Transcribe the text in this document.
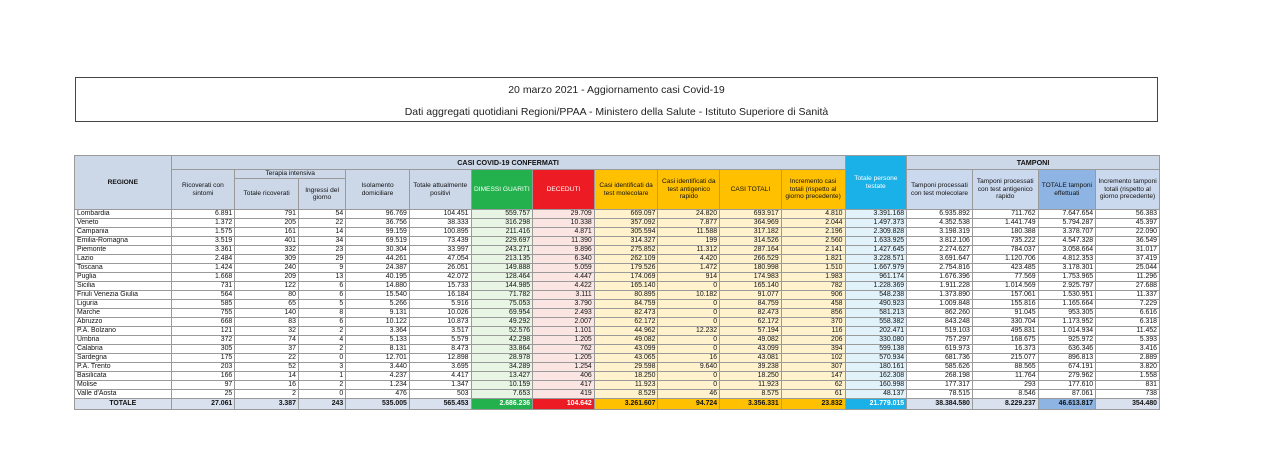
20 marzo 2021 - Aggiornamento casi Covid-19
Dati aggregati quotidiani Regioni/PPAA - Ministero della Salute - Istituto Superiore di Sanità
REGIONE	CASI COVID-19 CONFERMATI											Totale persone testate	TAMPONI			
	Ricoverati con sintomi	Terapia intensiva		Isolamento domiciliare	Totale attualmente positivi	DIMESSI GUARITI	DECEDUTI	Casi identificati da test molecolare	Casi identificati da test antigenico rapido	CASI TOTALI	Incremento casi totali (rispetto al giorno precedente)		Tamponi processati con test molecolare	Tamponi processati con test antigenico rapido	TOTALE tamponi effettuati	Incremento tamponi totali (rispetto al giorno precedente)
		Totale ricoverati	Ingressi del giorno													
Lombardia	6.891	791	54	96.769	104.451	559.757	29.709	669.097	24.820	693.917	4.810	3.391.168	6.935.892	711.762	7.647.654	56.383
Veneto	1.372	205	22	36.756	38.333	316.298	10.338	357.092	7.877	364.969	2.044	1.497.373	4.352.538	1.441.749	5.794.287	45.397
Campania	1.575	161	14	99.159	100.895	211.416	4.871	305.594	11.588	317.182	2.196	2.309.828	3.198.319	180.388	3.378.707	22.090
Emilia-Romagna	3.519	401	34	69.519	73.439	229.697	11.390	314.327	199	314.526	2.560	1.633.925	3.812.106	735.222	4.547.328	36.549
Piemonte	3.361	332	23	30.304	33.997	243.271	9.896	275.852	11.312	287.164	2.141	1.427.645	2.274.627	784.037	3.058.664	31.017
Lazio	2.484	309	29	44.261	47.054	213.135	6.340	262.109	4.420	266.529	1.821	3.228.571	3.691.647	1.120.706	4.812.353	37.419
Toscana	1.424	240	9	24.387	26.051	149.888	5.059	179.526	1.472	180.998	1.510	1.667.979	2.754.816	423.485	3.178.301	25.044
Puglia	1.668	209	13	40.195	42.072	128.464	4.447	174.069	914	174.983	1.983	961.174	1.676.396	77.569	1.753.965	11.296
Sicilia	731	122	6	14.880	15.733	144.985	4.422	165.140	0	165.140	782	1.228.369	1.911.228	1.014.569	2.925.797	27.688
Friuli Venezia Giulia	564	80	6	15.540	16.184	71.782	3.111	80.895	10.182	91.077	906	548.238	1.373.890	157.061	1.530.951	11.337
Liguria	585	65	5	5.266	5.916	75.053	3.790	84.759	0	84.759	458	490.923	1.009.848	155.816	1.165.664	7.229
Marche	755	140	8	9.131	10.026	69.954	2.493	82.473	0	82.473	856	581.213	862.260	91.045	953.305	6.616
Abruzzo	668	83	6	10.122	10.873	49.292	2.007	62.172	0	62.172	370	558.382	843.248	330.704	1.173.952	6.318
P.A. Bolzano	121	32	2	3.364	3.517	52.576	1.101	44.962	12.232	57.194	116	202.471	519.103	495.831	1.014.934	11.452
Umbria	372	74	4	5.133	5.579	42.298	1.205	49.082	0	49.082	206	330.080	757.297	168.675	925.972	5.393
Calabria	305	37	2	8.131	8.473	33.864	762	43.099	0	43.099	394	599.138	619.973	16.373	636.346	3.416
Sardegna	175	22	0	12.701	12.898	28.978	1.205	43.065	16	43.081	102	570.934	681.736	215.077	896.813	2.889
P.A. Trento	203	52	3	3.440	3.695	34.289	1.254	29.598	9.640	39.238	307	180.161	585.626	88.565	674.191	3.820
Basilicata	166	14	1	4.237	4.417	13.427	406	18.250	0	18.250	147	162.308	268.198	11.764	279.962	1.558
Molise	97	16	2	1.234	1.347	10.159	417	11.923	0	11.923	62	160.998	177.317	293	177.610	831
Valle d'Aosta	25	2	0	476	503	7.653	419	8.529	46	8.575	61	48.137	78.515	8.546	87.061	738
TOTALE	27.061	3.387	243	535.005	565.453	2.686.236	104.642	3.261.607	94.724	3.356.331	23.832	21.779.015	38.384.580	8.229.237	46.613.817	354.480
